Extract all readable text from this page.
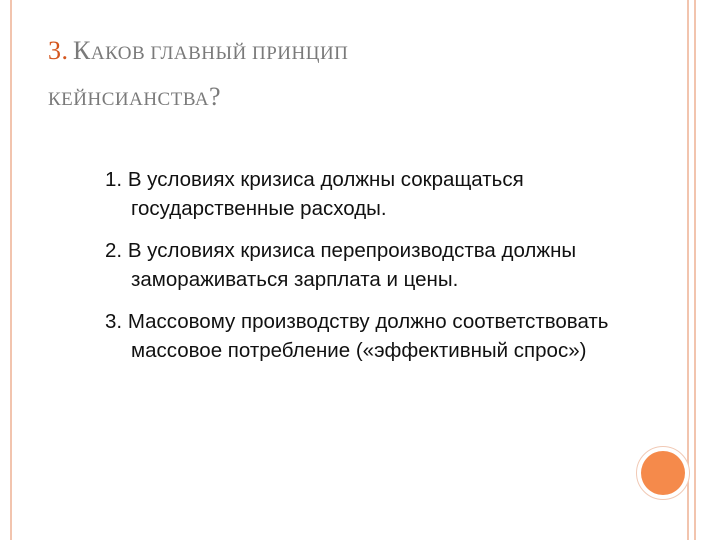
3. КАКОВ ГЛАВНЫЙ ПРИНЦИП
КЕЙНСИАНСТВА?
1. В условиях кризиса должны сокращаться государственные расходы.
2. В условиях кризиса перепроизводства должны замораживаться зарплата и цены.
3. Массовому производству должно соответствовать массовое потребление («эффективный спрос»)
